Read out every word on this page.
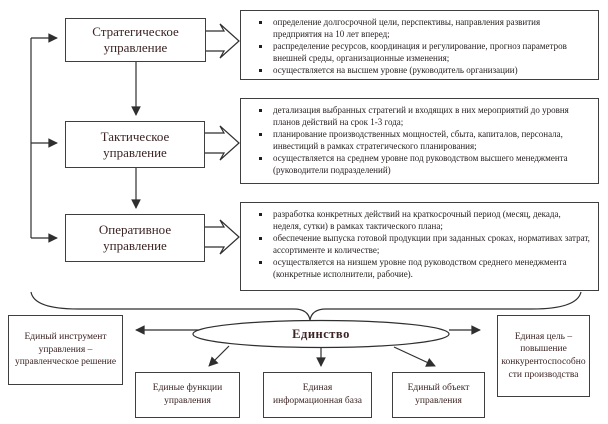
Стратегическое управление
Тактическое управление
Оперативное управление
▪ определение долгосрочной цели, перспективы, направления развития предприятия на 10 лет вперед;
▪ распределение ресурсов, координация и регулирование, прогноз параметров внешней среды, организационные изменения;
▪ осуществляется на высшем уровне (руководитель организации)
▪ детализация выбранных стратегий и входящих в них мероприятий до уровня планов действий на срок 1-3 года;
▪ планирование производственных мощностей, сбыта, капиталов, персонала, инвестиций в рамках стратегического планирования;
▪ осуществляется на среднем уровне под руководством высшего менеджмента (руководители подразделений)
▪ разработка конкретных действий на краткосрочный период (месяц, декада, неделя, сутки) в рамках тактического плана;
▪ обеспечение выпуска готовой продукции при заданных сроках, нормативах затрат, ассортименте и количестве;
▪ осуществляется на низшем уровне под руководством среднего менеджмента (конкретные исполнители, рабочие).
Единство
Единый инструмент управления – управленческое решение
Единая цель – повышение конкурентоспособности производства
Единые функции управления
Единая информационная база
Единый объект управления
